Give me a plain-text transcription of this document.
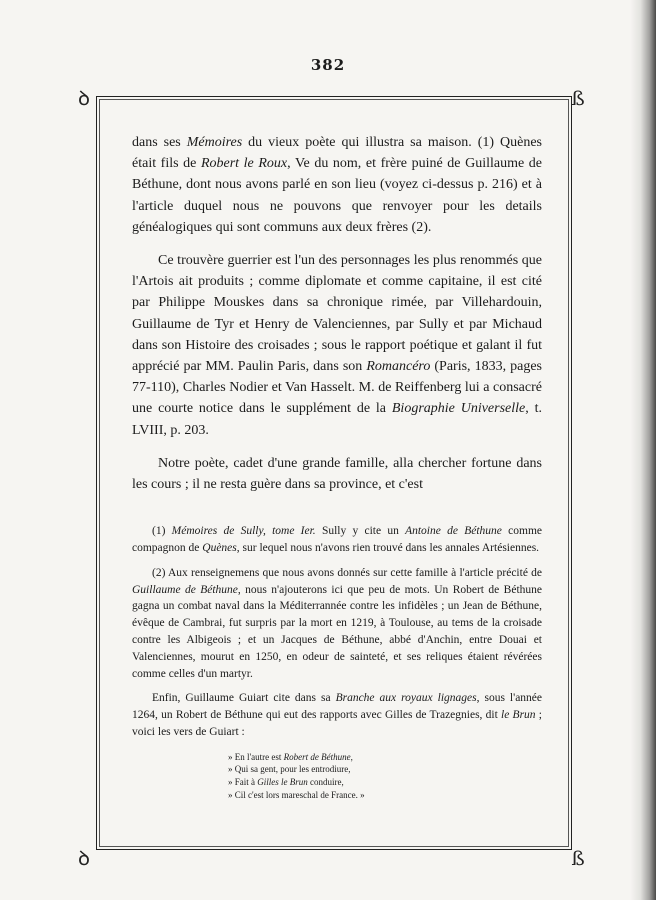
382
ꝺ	ß
ꝺ	ß

dans ses Mémoires du vieux poète qui illustra sa maison. (1) Quènes était fils de Robert le Roux, Ve du nom, et frère puiné de Guillaume de Béthune, dont nous avons parlé en son lieu (voyez ci-dessus p. 216) et à l'article duquel nous ne pouvons que renvoyer pour les details généalogiques qui sont communs aux deux frères (2).

Ce trouvère guerrier est l'un des personnages les plus renommés que l'Artois ait produits ; comme diplomate et comme capitaine, il est cité par Philippe Mouskes dans sa chronique rimée, par Villehardouin, Guillaume de Tyr et Henry de Valenciennes, par Sully et par Michaud dans son Histoire des croisades ; sous le rapport poétique et galant il fut apprécié par MM. Paulin Paris, dans son Romancéro (Paris, 1833, pages 77-110), Charles Nodier et Van Hasselt. M. de Reiffenberg lui a consacré une courte notice dans le supplément de la Biographie Universelle, t. LVIII, p. 203.

Notre poète, cadet d'une grande famille, alla chercher fortune dans les cours ; il ne resta guère dans sa province, et c'est

(1) Mémoires de Sully, tome Ier. Sully y cite un Antoine de Béthune comme compagnon de Quènes, sur lequel nous n'avons rien trouvé dans les annales Artésiennes.

(2) Aux renseignemens que nous avons donnés sur cette famille à l'article précité de Guillaume de Béthune, nous n'ajouterons ici que peu de mots. Un Robert de Béthune gagna un combat naval dans la Méditerrannée contre les infidèles ; un Jean de Béthune, évêque de Cambrai, fut surpris par la mort en 1219, à Toulouse, au tems de la croisade contre les Albigeois ; et un Jacques de Béthune, abbé d'Anchin, entre Douai et Valenciennes, mourut en 1250, en odeur de sainteté, et ses reliques étaient révérées comme celles d'un martyr.

Enfin, Guillaume Guiart cite dans sa Branche aux royaux lignages, sous l'année 1264, un Robert de Béthune qui eut des rapports avec Gilles de Trazegnies, dit le Brun ; voici les vers de Guiart :

» En l'autre est Robert de Béthune,
» Qui sa gent, pour les entrodiure,
» Fait à Gilles le Brun conduire,
» Cil c'est lors mareschal de France. »
